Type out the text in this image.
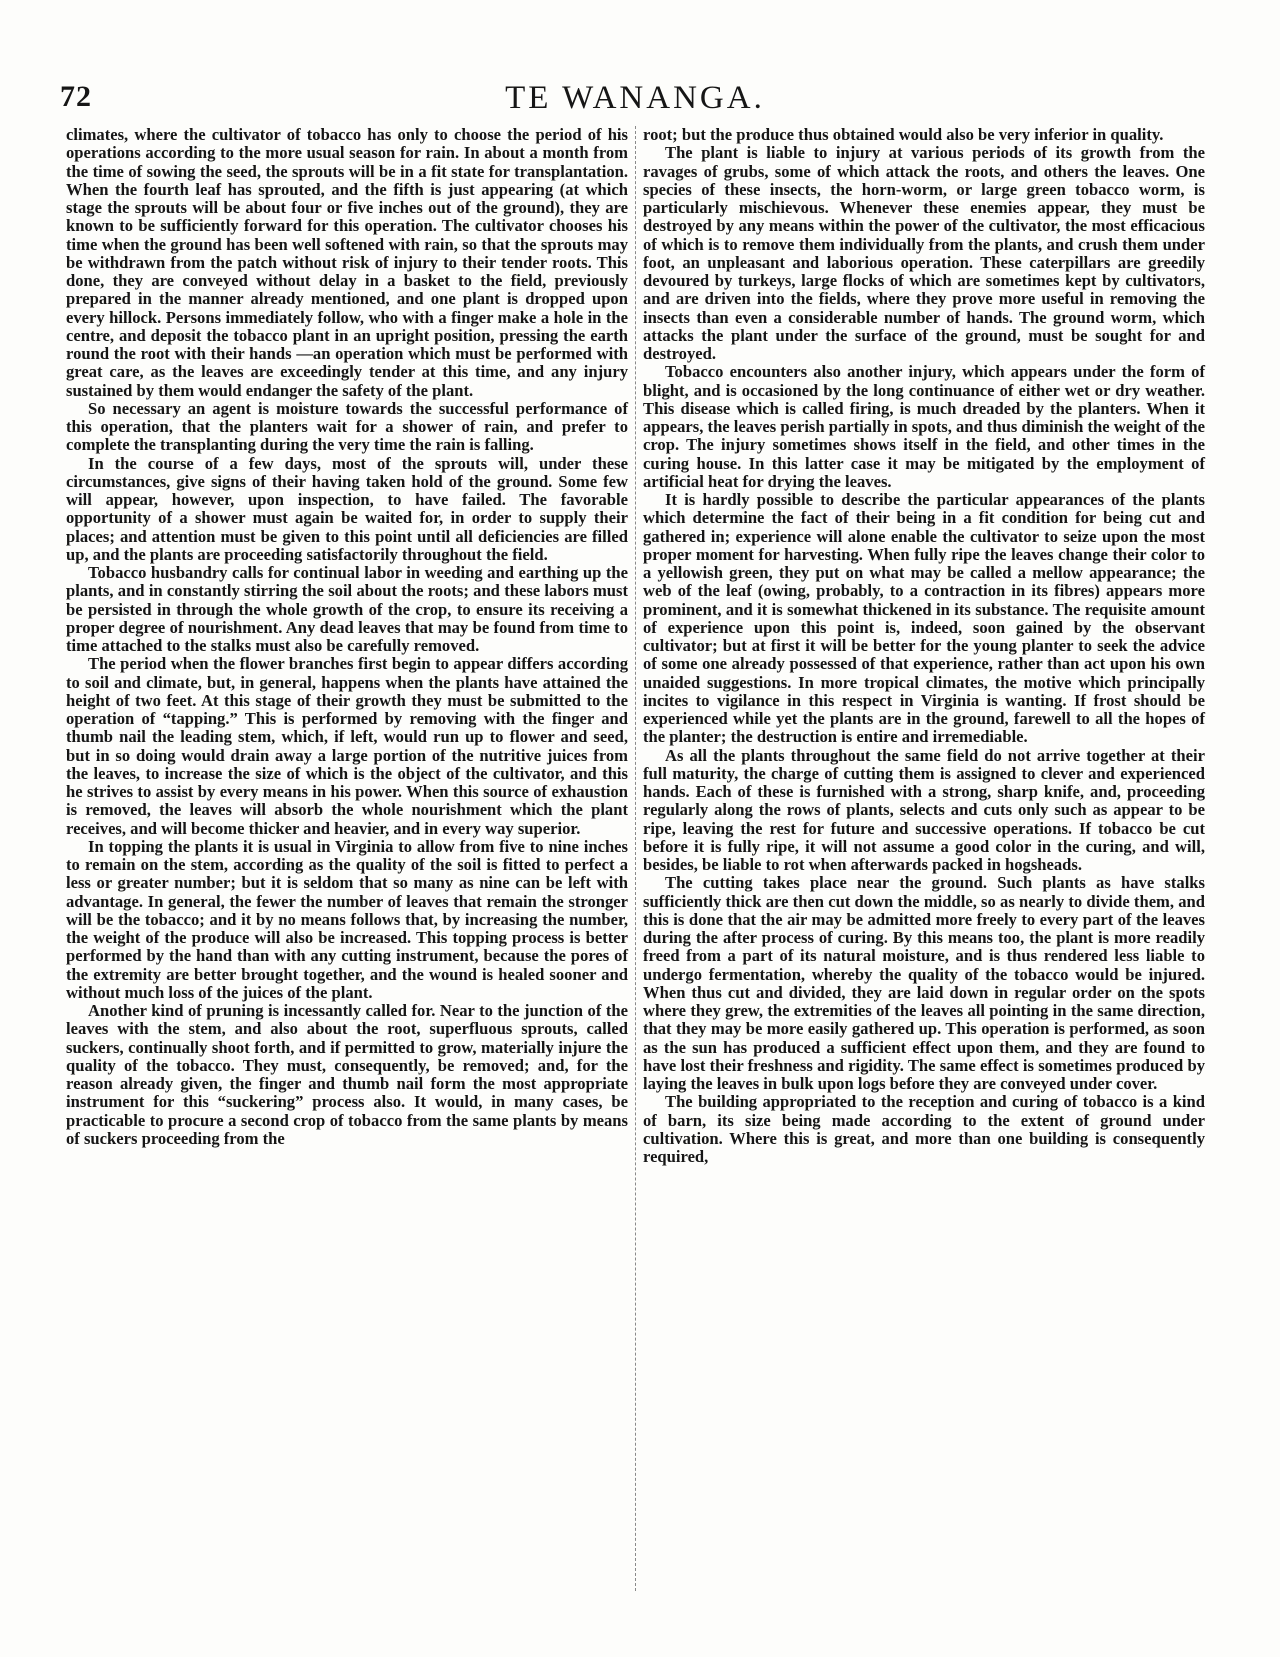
72	TE WANANGA.

climates, where the cultivator of tobacco has only to choose the period of his operations according to the more usual season for rain. In about a month from the time of sowing the seed, the sprouts will be in a fit state for transplantation. When the fourth leaf has sprouted, and the fifth is just appearing (at which stage the sprouts will be about four or five inches out of the ground), they are known to be sufficiently forward for this operation. The cultivator chooses his time when the ground has been well softened with rain, so that the sprouts may be withdrawn from the patch without risk of injury to their tender roots. This done, they are conveyed without delay in a basket to the field, previously prepared in the manner already mentioned, and one plant is dropped upon every hillock. Persons immediately follow, who with a finger make a hole in the centre, and deposit the tobacco plant in an upright position, pressing the earth round the root with their hands —an operation which must be performed with great care, as the leaves are exceedingly tender at this time, and any injury sustained by them would endanger the safety of the plant.

So necessary an agent is moisture towards the successful performance of this operation, that the planters wait for a shower of rain, and prefer to complete the transplanting during the very time the rain is falling.

In the course of a few days, most of the sprouts will, under these circumstances, give signs of their having taken hold of the ground. Some few will appear, however, upon inspection, to have failed. The favorable opportunity of a shower must again be waited for, in order to supply their places; and attention must be given to this point until all deficiencies are filled up, and the plants are proceeding satisfactorily throughout the field.

Tobacco husbandry calls for continual labor in weeding and earthing up the plants, and in constantly stirring the soil about the roots; and these labors must be persisted in through the whole growth of the crop, to ensure its receiving a proper degree of nourishment. Any dead leaves that may be found from time to time attached to the stalks must also be carefully removed.

The period when the flower branches first begin to appear differs according to soil and climate, but, in general, happens when the plants have attained the height of two feet. At this stage of their growth they must be submitted to the operation of “tapping.” This is performed by removing with the finger and thumb nail the leading stem, which, if left, would run up to flower and seed, but in so doing would drain away a large portion of the nutritive juices from the leaves, to increase the size of which is the object of the cultivator, and this he strives to assist by every means in his power. When this source of exhaustion is removed, the leaves will absorb the whole nourishment which the plant receives, and will become thicker and heavier, and in every way superior.

In topping the plants it is usual in Virginia to allow from five to nine inches to remain on the stem, according as the quality of the soil is fitted to perfect a less or greater number; but it is seldom that so many as nine can be left with advantage. In general, the fewer the number of leaves that remain the stronger will be the tobacco; and it by no means follows that, by increasing the number, the weight of the produce will also be increased. This topping process is better performed by the hand than with any cutting instrument, because the pores of the extremity are better brought together, and the wound is healed sooner and without much loss of the juices of the plant.

Another kind of pruning is incessantly called for. Near to the junction of the leaves with the stem, and also about the root, superfluous sprouts, called suckers, continually shoot forth, and if permitted to grow, materially injure the quality of the tobacco. They must, consequently, be removed; and, for the reason already given, the finger and thumb nail form the most appropriate instrument for this “suckering” process also. It would, in many cases, be practicable to procure a second crop of tobacco from the same plants by means of suckers proceeding from the

root; but the produce thus obtained would also be very inferior in quality.

The plant is liable to injury at various periods of its growth from the ravages of grubs, some of which attack the roots, and others the leaves. One species of these insects, the horn-worm, or large green tobacco worm, is particularly mischievous. Whenever these enemies appear, they must be destroyed by any means within the power of the cultivator, the most efficacious of which is to remove them individually from the plants, and crush them under foot, an unpleasant and laborious operation. These caterpillars are greedily devoured by turkeys, large flocks of which are sometimes kept by cultivators, and are driven into the fields, where they prove more useful in removing the insects than even a considerable number of hands. The ground worm, which attacks the plant under the surface of the ground, must be sought for and destroyed.

Tobacco encounters also another injury, which appears under the form of blight, and is occasioned by the long continuance of either wet or dry weather. This disease which is called firing, is much dreaded by the planters. When it appears, the leaves perish partially in spots, and thus diminish the weight of the crop. The injury sometimes shows itself in the field, and other times in the curing house. In this latter case it may be mitigated by the employment of artificial heat for drying the leaves.

It is hardly possible to describe the particular appearances of the plants which determine the fact of their being in a fit condition for being cut and gathered in; experience will alone enable the cultivator to seize upon the most proper moment for harvesting. When fully ripe the leaves change their color to a yellowish green, they put on what may be called a mellow appearance; the web of the leaf (owing, probably, to a contraction in its fibres) appears more prominent, and it is somewhat thickened in its substance. The requisite amount of experience upon this point is, indeed, soon gained by the observant cultivator; but at first it will be better for the young planter to seek the advice of some one already possessed of that experience, rather than act upon his own unaided suggestions. In more tropical climates, the motive which principally incites to vigilance in this respect in Virginia is wanting. If frost should be experienced while yet the plants are in the ground, farewell to all the hopes of the planter; the destruction is entire and irremediable.

As all the plants throughout the same field do not arrive together at their full maturity, the charge of cutting them is assigned to clever and experienced hands. Each of these is furnished with a strong, sharp knife, and, proceeding regularly along the rows of plants, selects and cuts only such as appear to be ripe, leaving the rest for future and successive operations. If tobacco be cut before it is fully ripe, it will not assume a good color in the curing, and will, besides, be liable to rot when afterwards packed in hogsheads.

The cutting takes place near the ground. Such plants as have stalks sufficiently thick are then cut down the middle, so as nearly to divide them, and this is done that the air may be admitted more freely to every part of the leaves during the after process of curing. By this means too, the plant is more readily freed from a part of its natural moisture, and is thus rendered less liable to undergo fermentation, whereby the quality of the tobacco would be injured. When thus cut and divided, they are laid down in regular order on the spots where they grew, the extremities of the leaves all pointing in the same direction, that they may be more easily gathered up. This operation is performed, as soon as the sun has produced a sufficient effect upon them, and they are found to have lost their freshness and rigidity. The same effect is sometimes produced by laying the leaves in bulk upon logs before they are conveyed under cover.

The building appropriated to the reception and curing of tobacco is a kind of barn, its size being made according to the extent of ground under cultivation. Where this is great, and more than one building is consequently required,
